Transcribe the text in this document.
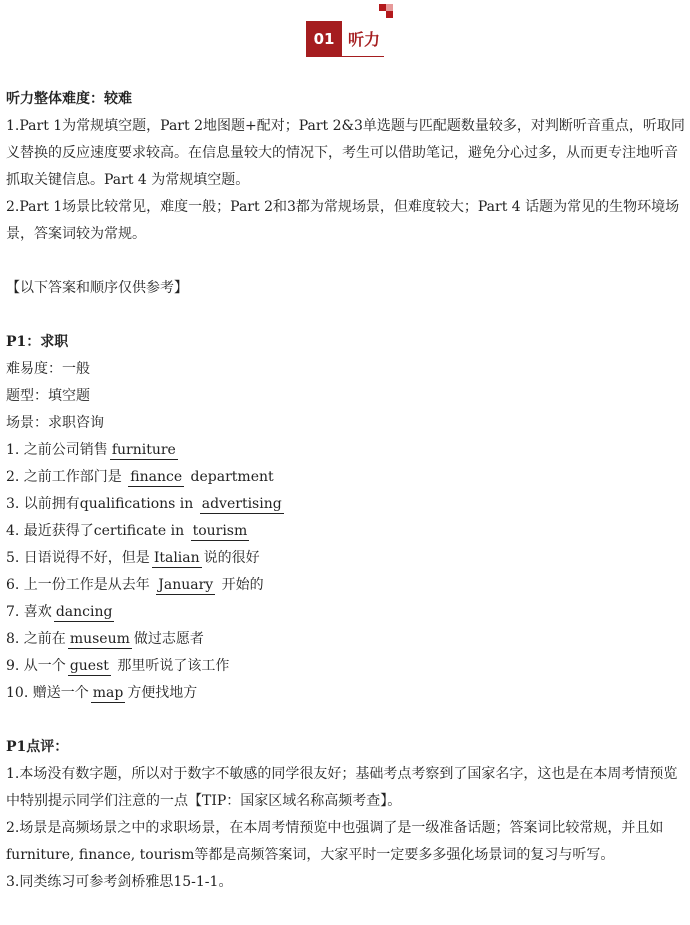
01 听力
听力整体难度：较难
1.Part 1为常规填空题，Part 2地图题+配对；Part 2&3单选题与匹配题数量较多，对判断听音重点，听取同义替换的反应速度要求较高。在信息量较大的情况下，考生可以借助笔记，避免分心过多，从而更专注地听音抓取关键信息。Part 4 为常规填空题。
2.Part 1场景比较常见，难度一般；Part 2和3都为常规场景，但难度较大；Part 4 话题为常见的生物环境场景，答案词较为常规。
【以下答案和顺序仅供参考】
P1：求职
难易度：一般
题型：填空题
场景：求职咨询
1. 之前公司销售 furniture
2. 之前工作部门是 finance department
3. 以前拥有qualifications in advertising
4. 最近获得了certificate in tourism
5. 日语说得不好，但是 Italian 说的很好
6. 上一份工作是从去年 January 开始的
7. 喜欢 dancing
8. 之前在 museum 做过志愿者
9. 从一个 guest 那里听说了该工作
10. 赠送一个 map 方便找地方
P1点评：
1.本场没有数字题，所以对于数字不敏感的同学很友好；基础考点考察到了国家名字，这也是在本周考情预览中特别提示同学们注意的一点【TIP：国家区域名称高频考查】。
2.场景是高频场景之中的求职场景，在本周考情预览中也强调了是一级准备话题；答案词比较常规，并且如furniture, finance, tourism等都是高频答案词，大家平时一定要多多强化场景词的复习与听写。
3.同类练习可参考剑桥雅思15-1-1。
